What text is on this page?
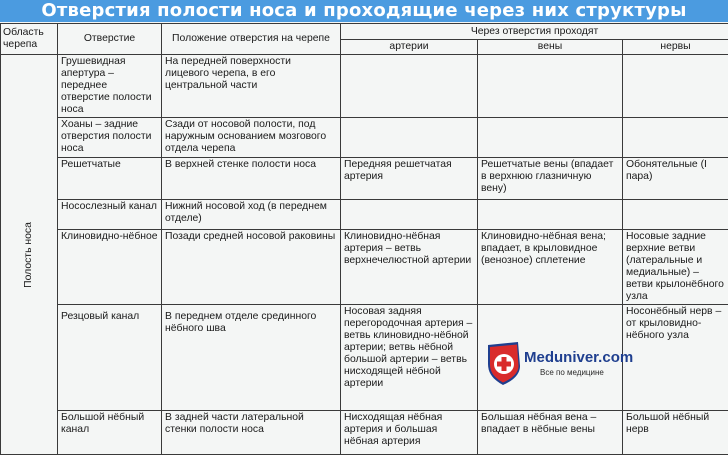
Отверстия полости носа и проходящие через них структуры
Область черепа	Отверстие	Положение отверстия на черепе	Через отверстия проходят		
			артерии	вены	нервы

Полость носа	Грушевидная апертура – переднее отверстие полости носа	На передней поверхности лицевого черепа, в его центральной части			
	Хоаны – задние отверстия полости носа	Сзади от носовой полости, под наружным основанием мозгового отдела черепа			
	Решетчатые	В верхней стенке полости носа	Передняя решетчатая артерия	Решетчатые вены (впадает в верхнюю глазничную вену)	Обонятельные (I пара)
	Носослезный канал	Нижний носовой ход (в переднем отделе)			
	Клиновидно-нёбное	Позади средней носовой раковины	Клиновидно-нёбная артерия – ветвь верхнечелюстной артерии	Клиновидно-нёбная вена; впадает, в крыловидное (венозное) сплетение	Носовые задние верхние ветви (латеральные и медиальные) – ветви крылонёбного узла
	Резцовый канал	В переднем отделе срединного нёбного шва	Носовая задняя перегородочная артерия – ветвь клиновидно-нёбной артерии; ветвь нёбной большой артерии – ветвь нисходящей нёбной артерии		Носонёбный нерв – от крыловидно-нёбного узла
	Большой нёбный канал	В задней части латеральной стенки полости носа	Нисходящая нёбная артерия и большая нёбная артерия	Большая нёбная вена – впадает в нёбные вены	Большой нёбный нерв
Meduniver.com
Все по медицине
